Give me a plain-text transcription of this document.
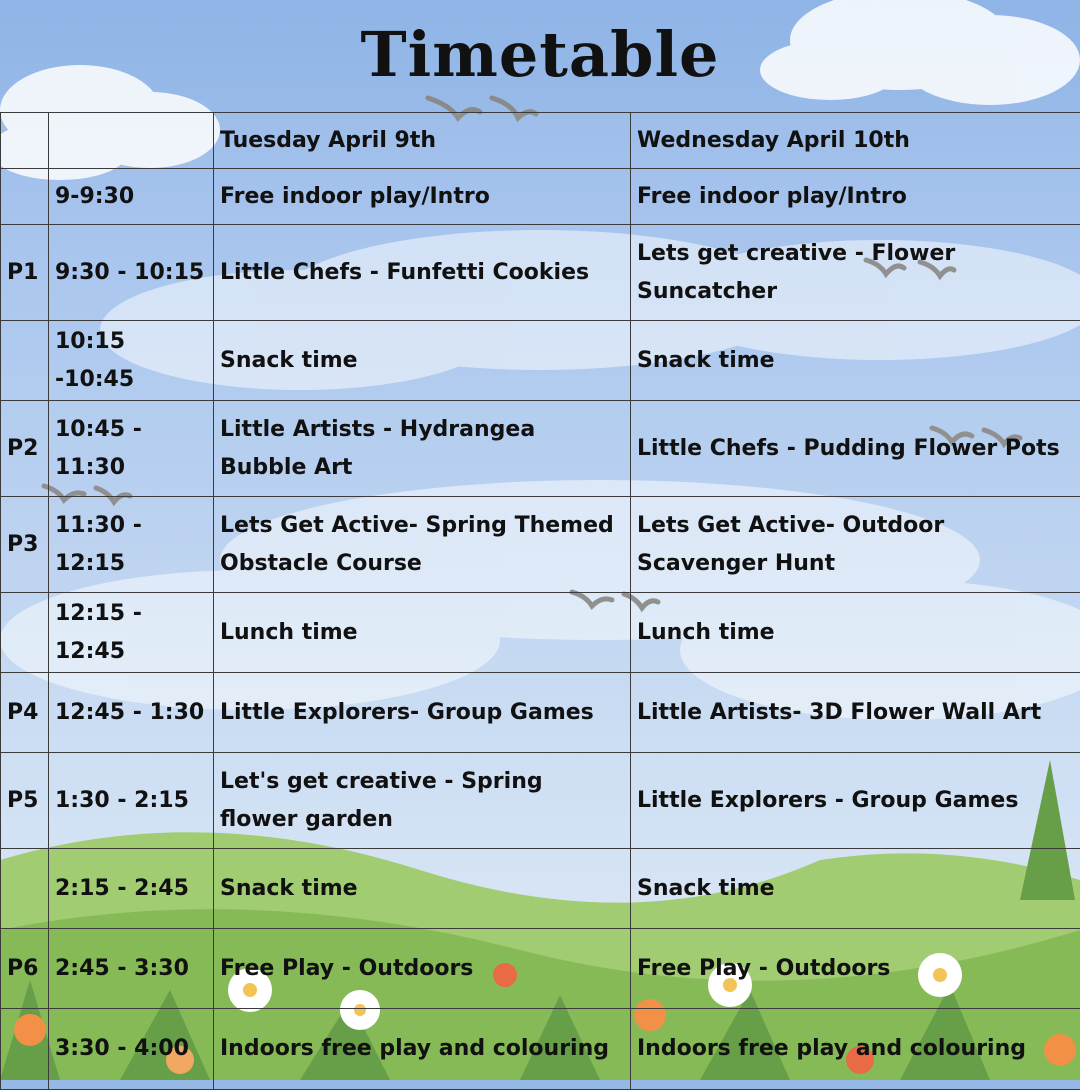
Timetable
		Tuesday April 9th	Wednesday April 10th
	9-9:30	Free indoor play/Intro	Free indoor play/Intro
P1	9:30 - 10:15	Little Chefs - Funfetti Cookies	Lets get creative - Flower Suncatcher
	10:15 -10:45	Snack time	Snack time
P2	10:45 - 11:30	Little Artists - Hydrangea Bubble Art	Little Chefs - Pudding Flower Pots
P3	11:30 - 12:15	Lets Get Active- Spring Themed Obstacle Course	Lets Get Active- Outdoor Scavenger Hunt
	12:15 - 12:45	Lunch time	Lunch time
P4	12:45 - 1:30	Little Explorers- Group Games	Little Artists- 3D Flower Wall Art
P5	1:30 - 2:15	Let's get creative - Spring flower garden	Little Explorers - Group Games
	2:15 - 2:45	Snack time	Snack time
P6	2:45 - 3:30	Free Play - Outdoors	Free Play - Outdoors
	3:30 - 4:00	Indoors free play and colouring	Indoors free play and colouring
